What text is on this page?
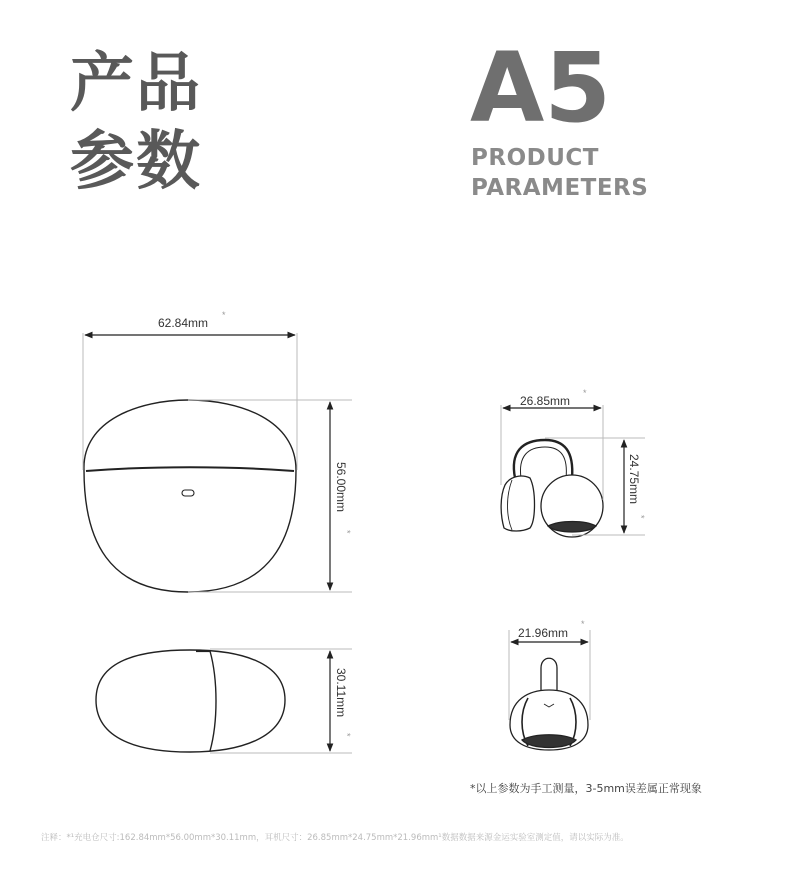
产品
参数
A5
PRODUCT
PARAMETERS
62.84mm
*
56.00mm
*
30.11mm
*
26.85mm
*
24.75mm
*
21.96mm
*
*以上参数为手工测量，3-5mm误差属正常现象
注释：*¹充电仓尺寸:162.84mm*56.00mm*30.11mm，耳机尺寸：26.85mm*24.75mm*21.96mm¹数据数据来源金运实验室测定值，请以实际为准。
